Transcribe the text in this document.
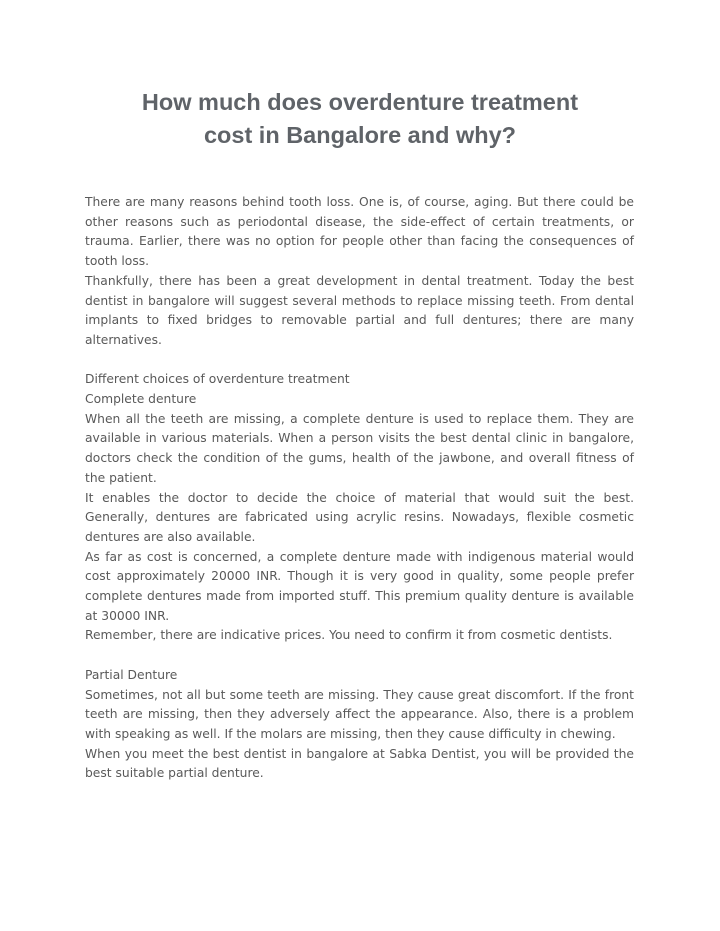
How much does overdenture treatment
cost in Bangalore and why?

There are many reasons behind tooth loss. One is, of course, aging. But there could be other reasons such as periodontal disease, the side-effect of certain treatments, or trauma. Earlier, there was no option for people other than facing the consequences of tooth loss.

Thankfully, there has been a great development in dental treatment. Today the best dentist in bangalore will suggest several methods to replace missing teeth. From dental implants to fixed bridges to removable partial and full dentures; there are many alternatives.

Different choices of overdenture treatment

Complete denture

When all the teeth are missing, a complete denture is used to replace them. They are available in various materials. When a person visits the best dental clinic in bangalore, doctors check the condition of the gums, health of the jawbone, and overall fitness of the patient.

It enables the doctor to decide the choice of material that would suit the best. Generally, dentures are fabricated using acrylic resins. Nowadays, flexible cosmetic dentures are also available.

As far as cost is concerned, a complete denture made with indigenous material would cost approximately 20000 INR. Though it is very good in quality, some people prefer complete dentures made from imported stuff. This premium quality denture is available at 30000 INR.

Remember, there are indicative prices. You need to confirm it from cosmetic dentists.

Partial Denture

Sometimes, not all but some teeth are missing. They cause great discomfort. If the front teeth are missing, then they adversely affect the appearance. Also, there is a problem with speaking as well. If the molars are missing, then they cause difficulty in chewing.

When you meet the best dentist in bangalore at Sabka Dentist, you will be provided the best suitable partial denture.
